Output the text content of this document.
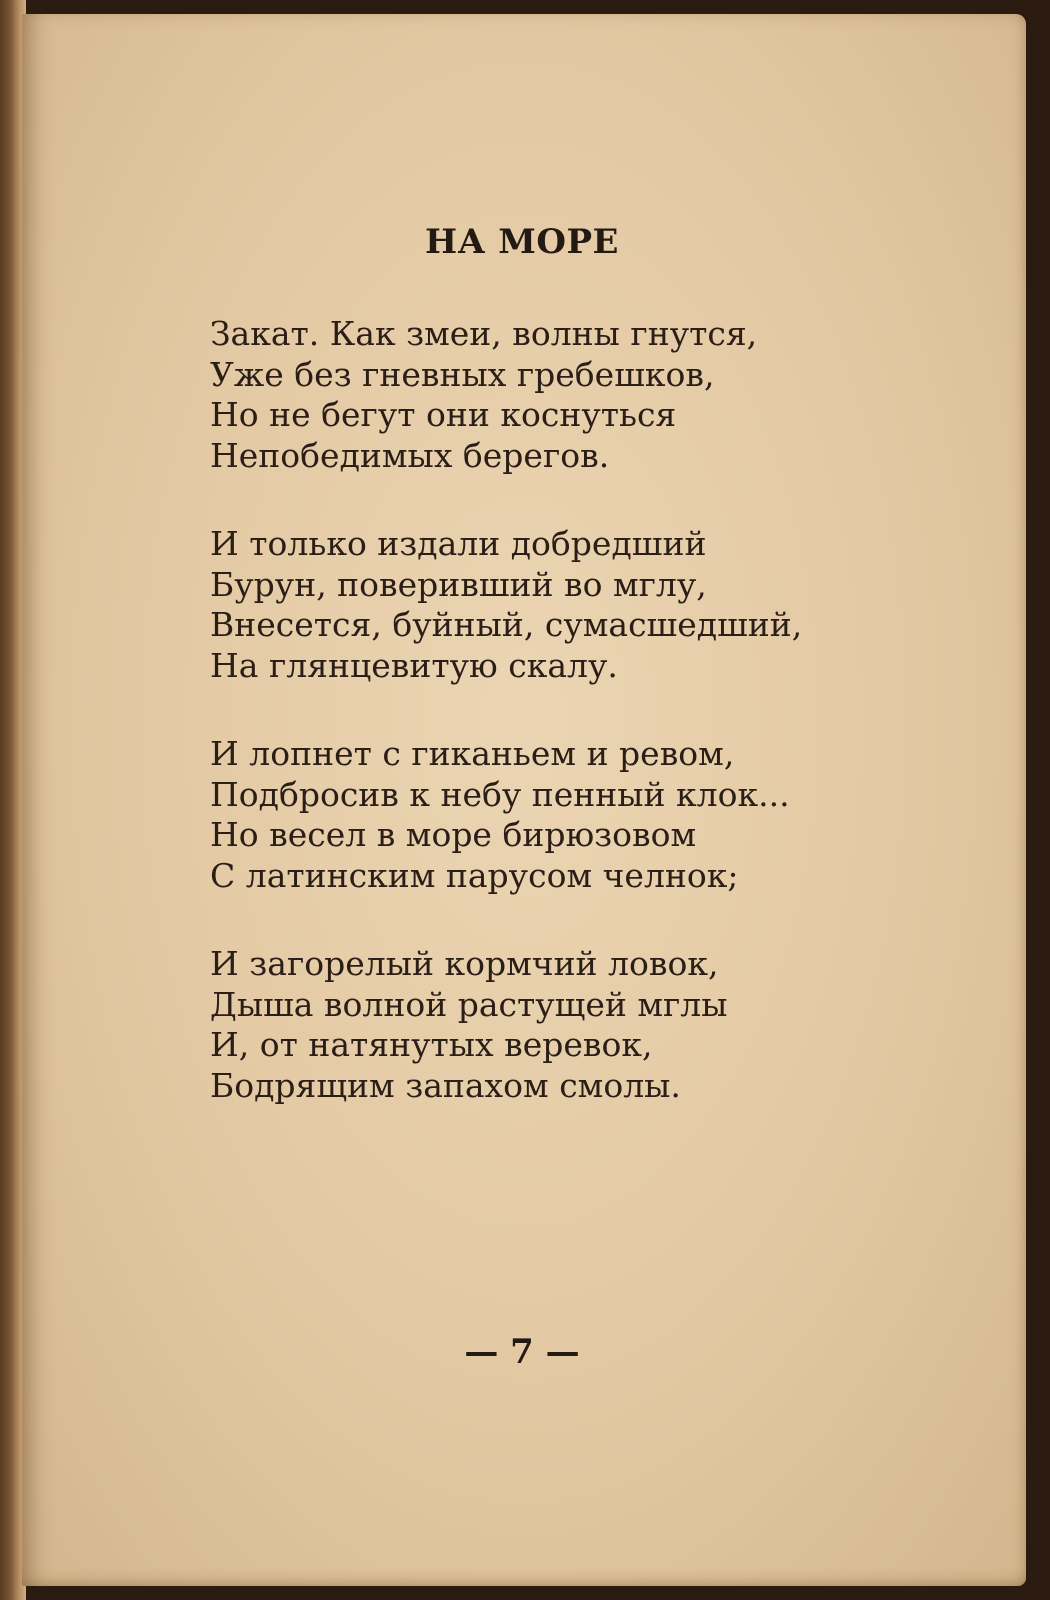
НА МОРЕ
Закат. Как змеи, волны гнутся,
Уже без гневных гребешков,
Но не бегут они коснуться
Непобедимых берегов.
И только издали добредший
Бурун, поверивший во мглу,
Внесется, буйный, сумасшедший,
На глянцевитую скалу.
И лопнет с гиканьем и ревом,
Подбросив к небу пенный клок...
Но весел в море бирюзовом
С латинским парусом челнок;
И загорелый кормчий ловок,
Дыша волной растущей мглы
И, от натянутых веревок,
Бодрящим запахом смолы.
— 7 —
